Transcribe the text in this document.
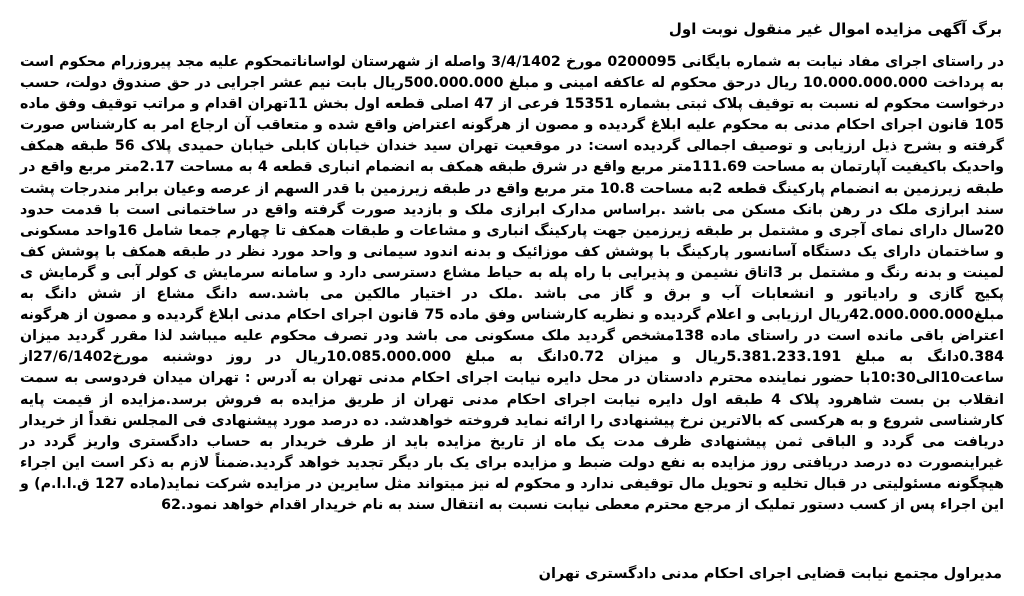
برگ آگهی مزایده اموال غیر منقول نوبت اول

در راستای اجرای مفاد نیابت به شماره بایگانی 0200095 مورخ 3/4/1402 واصله از شهرستان لواساناتمحکوم علیه مجد پیروزرام محکوم است به پرداخت 10.000.000.000 ریال درحق محکوم له عاکفه امینی و مبلغ 500.000.000ریال بابت نیم عشر اجرایی در حق صندوق دولت، حسب درخواست محکوم له نسبت به توقیف پلاک ثبتی بشماره 15351 فرعی از 47 اصلی قطعه اول بخش 11تهران اقدام و مراتب توقیف وفق ماده 105 قانون اجرای احکام مدنی به محکوم علیه ابلاغ گردیده و مصون از هرگونه اعتراض واقع شده و متعاقب آن ارجاع امر به کارشناس صورت گرفته و بشرح ذیل ارزیابی و توصیف اجمالی گردیده است: در موقعیت تهران سید خندان خیابان کابلی خیابان حمیدی پلاک 56 طبقه همکف واحدیک باکیفیت آپارتمان به مساحت 111.69متر مربع واقع در شرق طبقه همکف به انضمام انباری قطعه 4 به مساحت 2.17متر مربع واقع در طبقه زیرزمین به انضمام پارکینگ قطعه 2به مساحت 10.8 متر مربع واقع در طبقه زیرزمین با قدر السهم از عرصه وعیان برابر مندرجات پشت سند ابرازی ملک در رهن بانک مسکن می باشد .براساس مدارک ابرازی ملک و بازدید صورت گرفته واقع در ساختمانی است با قدمت حدود 20سال دارای نمای آجری و مشتمل بر طبقه زیرزمین جهت پارکینگ انباری و مشاعات و طبقات همکف تا چهارم جمعا شامل 16واحد مسکونی و ساختمان دارای یک دستگاه آسانسور پارکینگ با پوشش کف موزائیک و بدنه اندود سیمانی و واحد مورد نظر در طبقه همکف با پوشش کف لمینت و بدنه رنگ و مشتمل بر 3اتاق نشیمن و پذیرایی با راه پله به حیاط مشاع دسترسی دارد و سامانه سرمایش ی کولر آبی و گرمایش ی پکیج گازی و رادیاتور و انشعابات آب و برق و گاز می باشد .ملک در اختیار مالکین می باشد.سه دانگ مشاع از شش دانگ به مبلغ42.000.000.000ریال ارزیابی و اعلام گردیده و نظریه کارشناس وفق ماده 75 قانون اجرای احکام مدنی ابلاغ گردیده و مصون از هرگونه اعتراض باقی مانده است در راستای ماده 138مشخص گردید ملک مسکونی می باشد ودر تصرف محکوم علیه میباشد لذا مقرر گردید میزان 0.384دانگ به مبلغ 5.381.233.191ریال و میزان 0.72دانگ به مبلغ 10.085.000.000ریال در روز دوشنبه مورخ27/6/1402از ساعت10الی10:30با حضور نماینده محترم دادستان در محل دایره نیابت اجرای احکام مدنی تهران به آدرس : تهران میدان فردوسی به سمت انقلاب بن بست شاهرود پلاک 4 طبقه اول دایره نیابت اجرای احکام مدنی تهران از طریق مزایده به فروش برسد.مزایده از قیمت پایه کارشناسی شروع و به هرکسی که بالاترین نرخ پیشنهادی را ارائه نماید فروخته خواهدشد. ده درصد مورد پیشنهادی فی المجلس نقداً از خریدار دریافت می گردد و الباقی ثمن پیشنهادی ظرف مدت یک ماه از تاریخ مزایده باید از طرف خریدار به حساب دادگستری واریز گردد در غیراینصورت ده درصد دریافتی روز مزایده به نفع دولت ضبط و مزایده برای یک بار دیگر تجدید خواهد گردید.ضمناً لازم به ذکر است این اجراء هیچگونه مسئولیتی در قبال تخلیه و تحویل مال توقیفی ندارد و محکوم له نیز میتواند مثل سایرین در مزایده شرکت نماید(ماده 127 ق.ا.ا.م) و این اجراء پس از کسب دستور تملیک از مرجع محترم معطی نیابت نسبت به انتقال سند به نام خریدار اقدام خواهد نمود.62

مدیراول مجتمع نیابت قضایی اجرای احکام مدنی دادگستری تهران
